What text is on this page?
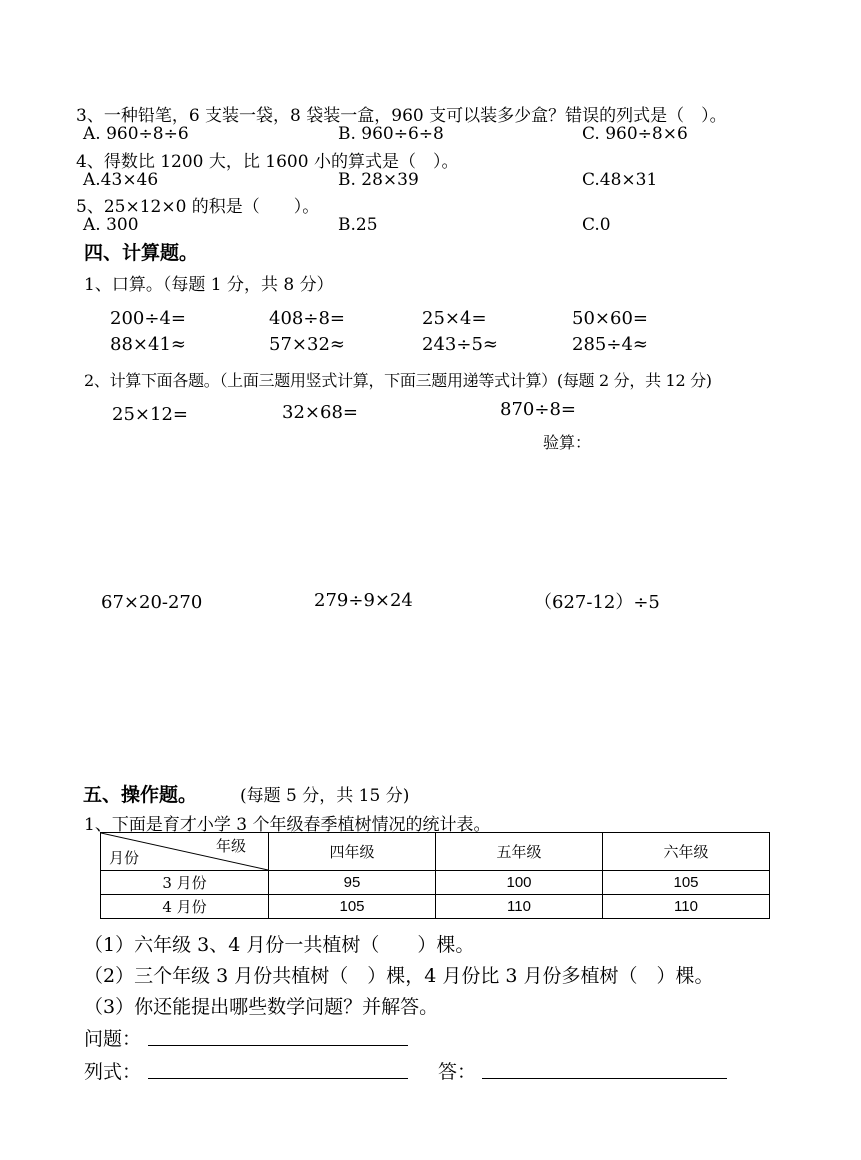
3、一种铅笔，6 支装一袋，8 袋装一盒，960 支可以装多少盒？错误的列式是（　）。
A. 960÷8÷6	B. 960÷6÷8	C. 960÷8×6
4、得数比 1200 大，比 1600 小的算式是（　）。
A.43×46	B. 28×39	C.48×31
5、25×12×0 的积是（　　）。
A. 300	B.25	C.0
四、计算题。
1、口算。（每题 1 分，共 8 分）
200÷4=	408÷8=	25×4=	50×60=
88×41≈	57×32≈	243÷5≈	285÷4≈
2、计算下面各题。（上面三题用竖式计算，下面三题用递等式计算）(每题 2 分，共 12 分)
25×12=	32×68=	870÷8=
验算：
67×20-270	279÷9×24	（627-12）÷5
五、操作题。	(每题 5 分，共 15 分)
1、下面是育才小学 3 个年级春季植树情况的统计表。
年级
月份	四年级	五年级	六年级
3 月份	95	100	105
4 月份	105	110	110
（1）六年级 3、4 月份一共植树（　　）棵。
（2）三个年级 3 月份共植树（　）棵，4 月份比 3 月份多植树（　）棵。
（3）你还能提出哪些数学问题？并解答。
问题：
列式：	答：
